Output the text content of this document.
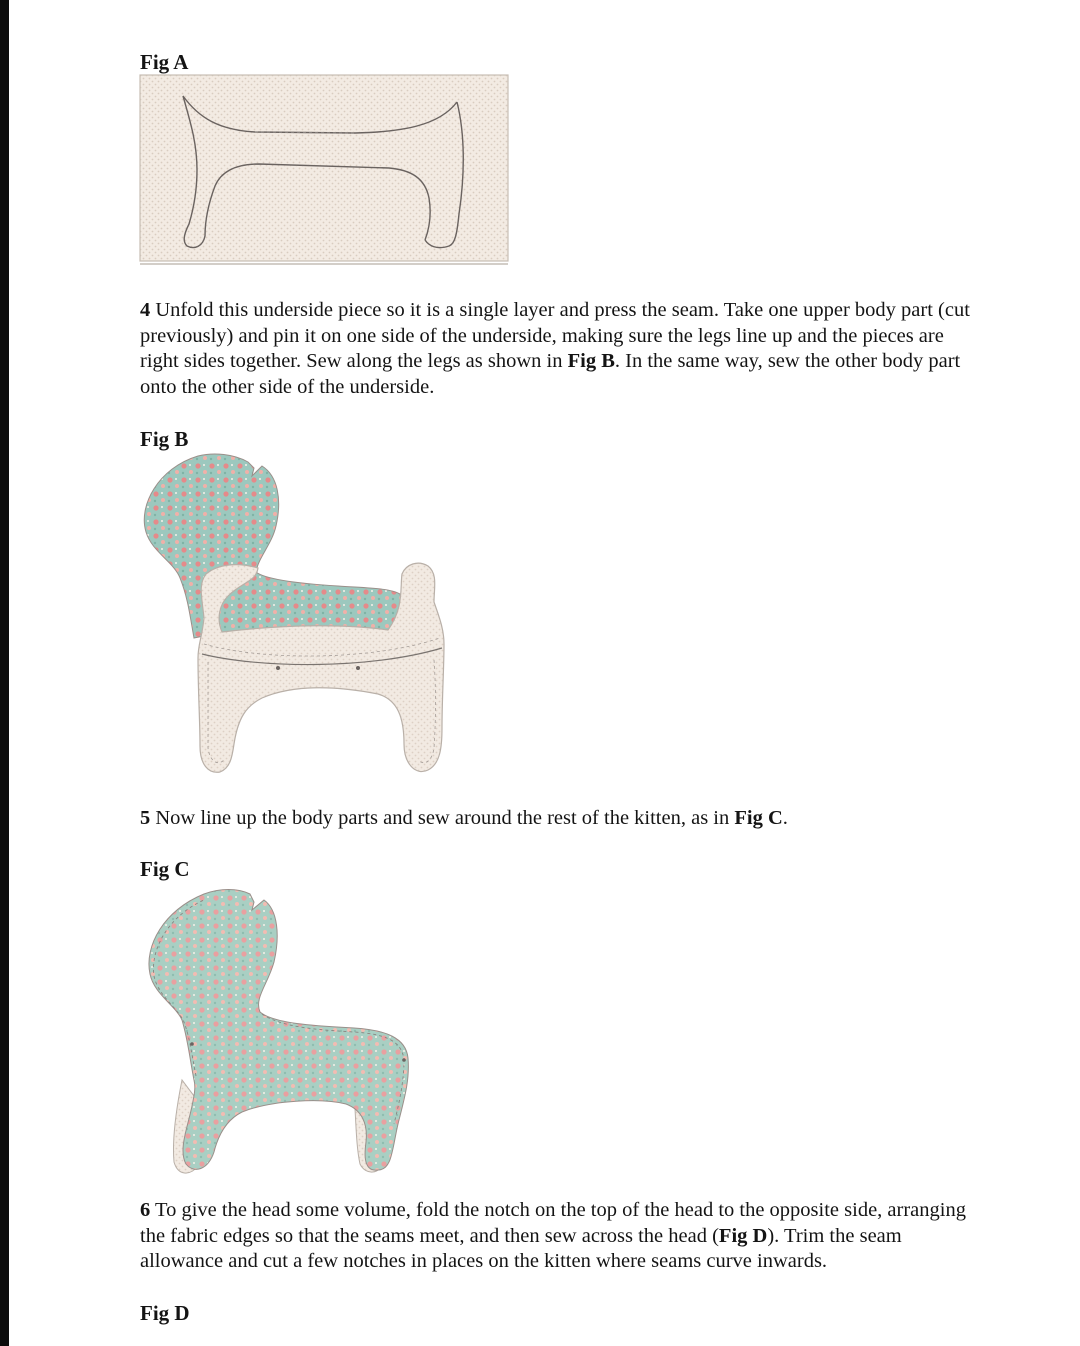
Fig A
4 Unfold this underside piece so it is a single layer and press the seam. Take one upper body part (cut previously) and pin it on one side of the underside, making sure the legs line up and the pieces are right sides together. Sew along the legs as shown in Fig B. In the same way, sew the other body part onto the other side of the underside.
Fig B
5 Now line up the body parts and sew around the rest of the kitten, as in Fig C.
Fig C
6 To give the head some volume, fold the notch on the top of the head to the opposite side, arranging the fabric edges so that the seams meet, and then sew across the head (Fig D). Trim the seam allowance and cut a few notches in places on the kitten where seams curve inwards.
Fig D
